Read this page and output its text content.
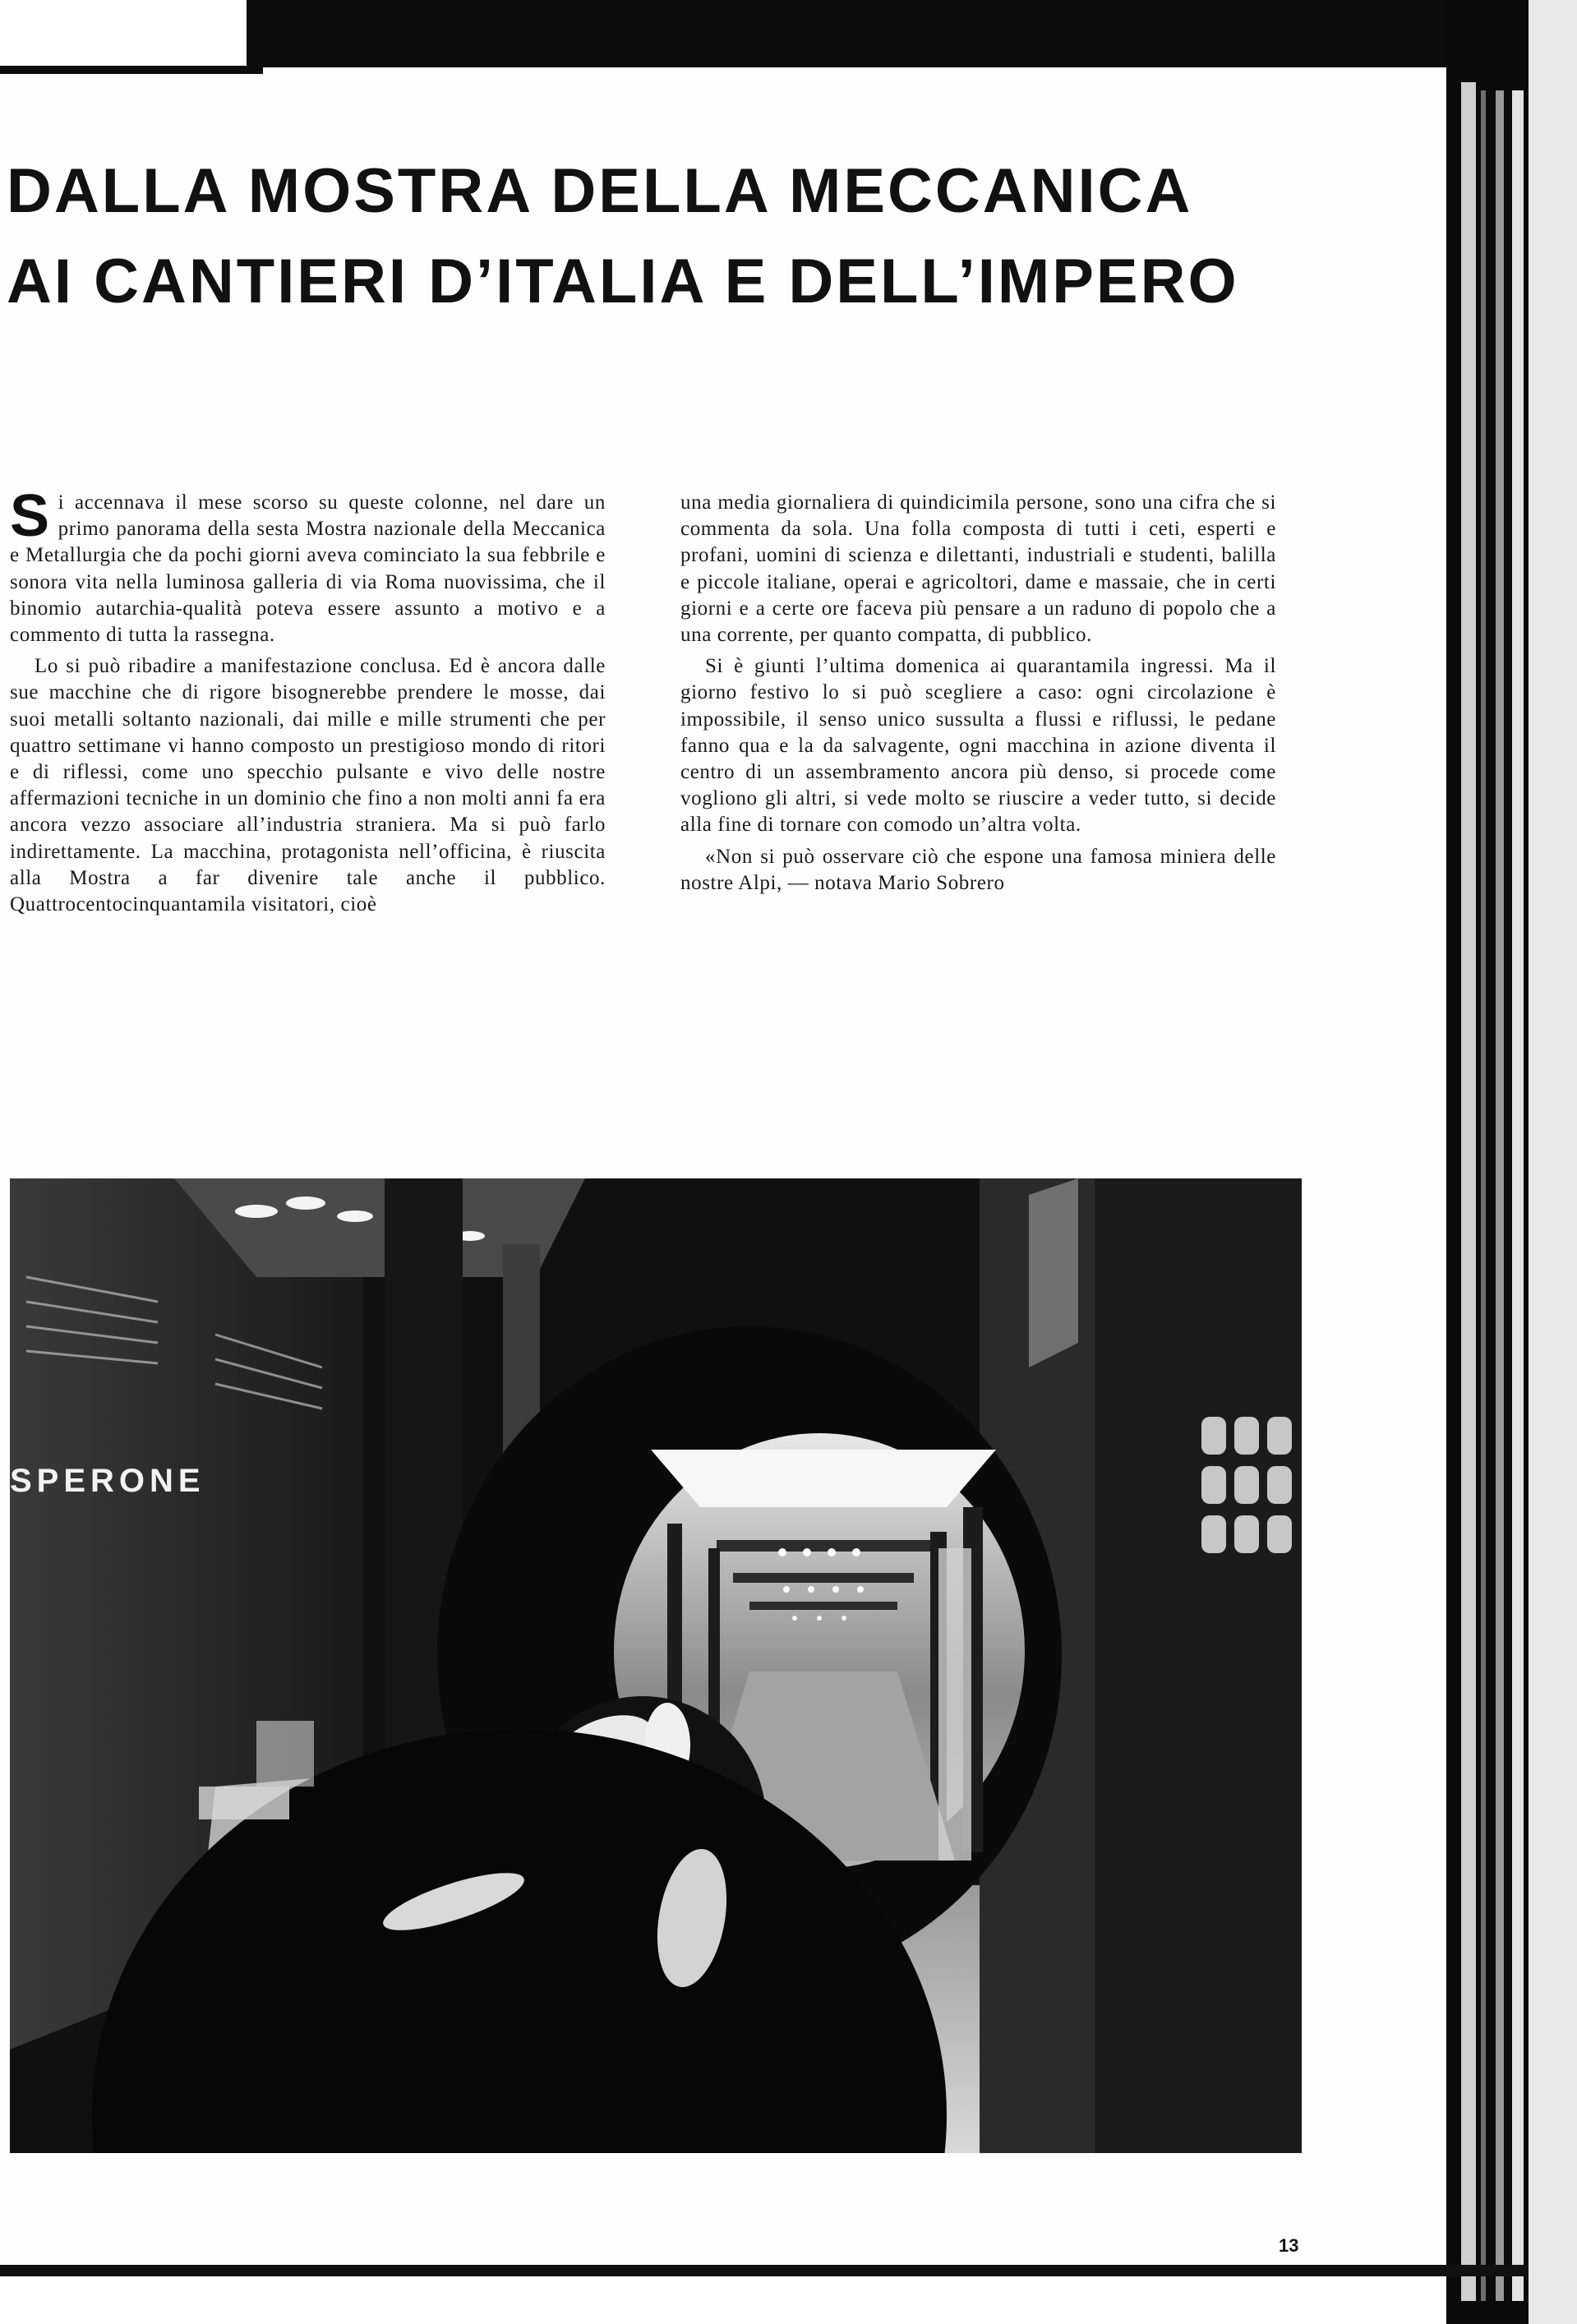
DALLA MOSTRA DELLA MECCANICA
AI CANTIERI D’ITALIA E DELL’IMPERO

Si accennava il mese scorso su queste colonne, nel dare un primo panorama della sesta Mostra nazionale della Meccanica e Metallurgia che da pochi giorni aveva cominciato la sua febbrile e sonora vita nella luminosa galleria di via Roma nuovissima, che il binomio autarchia-qualità poteva essere assunto a motivo e a commento di tutta la rassegna.

Lo si può ribadire a manifestazione conclusa. Ed è ancora dalle sue macchine che di rigore bisognerebbe prendere le mosse, dai suoi metalli soltanto nazionali, dai mille e mille strumenti che per quattro settimane vi hanno composto un prestigioso mondo di ritori e di riflessi, come uno specchio pulsante e vivo delle nostre affermazioni tecniche in un dominio che fino a non molti anni fa era ancora vezzo associare all’industria straniera. Ma si può farlo indirettamente. La macchina, protagonista nell’officina, è riuscita alla Mostra a far divenire tale anche il pubblico. Quattrocentocinquantamila visitatori, cioè

una media giornaliera di quindicimila persone, sono una cifra che si commenta da sola. Una folla composta di tutti i ceti, esperti e profani, uomini di scienza e dilettanti, industriali e studenti, balilla e piccole italiane, operai e agricoltori, dame e massaie, che in certi giorni e a certe ore faceva più pensare a un raduno di popolo che a una corrente, per quanto compatta, di pubblico.

Si è giunti l’ultima domenica ai quarantamila ingressi. Ma il giorno festivo lo si può scegliere a caso: ogni circolazione è impossibile, il senso unico sussulta a flussi e riflussi, le pedane fanno qua e la da salvagente, ogni macchina in azione diventa il centro di un assembramento ancora più denso, si procede come vogliono gli altri, si vede molto se riuscire a veder tutto, si decide alla fine di tornare con comodo un’altra volta.

«Non si può osservare ciò che espone una famosa miniera delle nostre Alpi, — notava Mario Sobrero

SPERONE
13
